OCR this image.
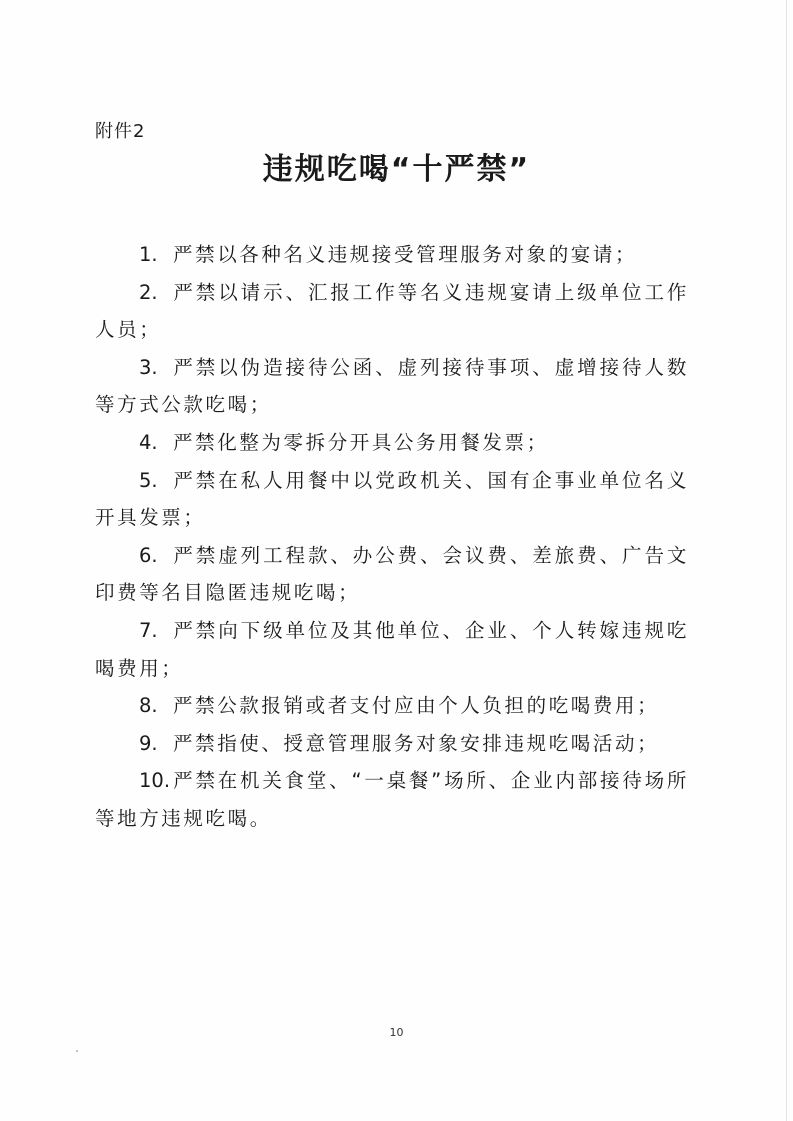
附件2
违规吃喝“十严禁”
1. 严禁以各种名义违规接受管理服务对象的宴请；
2. 严禁以请示、汇报工作等名义违规宴请上级单位工作人员；
3. 严禁以伪造接待公函、虚列接待事项、虚增接待人数等方式公款吃喝；
4. 严禁化整为零拆分开具公务用餐发票；
5. 严禁在私人用餐中以党政机关、国有企事业单位名义开具发票；
6. 严禁虚列工程款、办公费、会议费、差旅费、广告文印费等名目隐匿违规吃喝；
7. 严禁向下级单位及其他单位、企业、个人转嫁违规吃喝费用；
8. 严禁公款报销或者支付应由个人负担的吃喝费用；
9. 严禁指使、授意管理服务对象安排违规吃喝活动；
10. 严禁在机关食堂、“一桌餐”场所、企业内部接待场所等地方违规吃喝。
10
